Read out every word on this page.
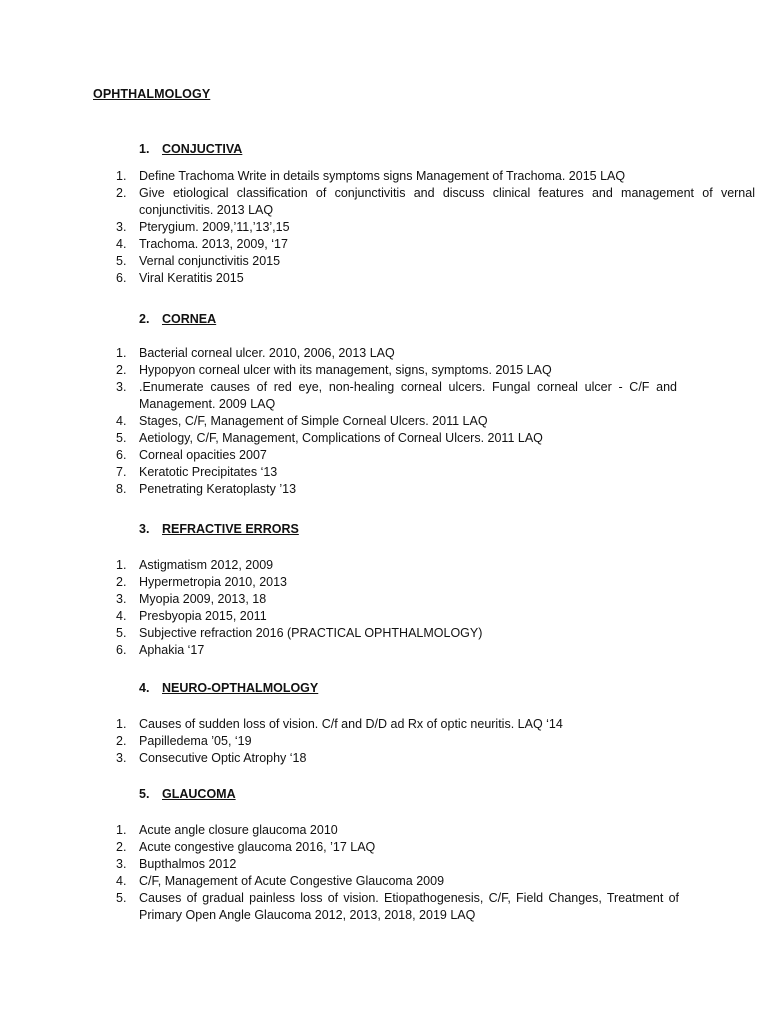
OPHTHALMOLOGY
1. CONJUCTIVA
1. Define Trachoma Write in details symptoms signs Management of Trachoma. 2015 LAQ
2. Give etiological classification of conjunctivitis and discuss clinical features and management of vernal conjunctivitis. 2013 LAQ
3. Pterygium. 2009,’11,’13’,15
4. Trachoma. 2013, 2009, ‘17
5. Vernal conjunctivitis 2015
6. Viral Keratitis 2015
2. CORNEA
1. Bacterial corneal ulcer. 2010, 2006, 2013 LAQ
2. Hypopyon corneal ulcer with its management, signs, symptoms. 2015 LAQ
3. .Enumerate causes of red eye, non-healing corneal ulcers. Fungal corneal ulcer - C/F and Management. 2009 LAQ
4. Stages, C/F, Management of Simple Corneal Ulcers. 2011 LAQ
5. Aetiology, C/F, Management, Complications of Corneal Ulcers. 2011 LAQ
6. Corneal opacities 2007
7. Keratotic Precipitates ‘13
8. Penetrating Keratoplasty ’13
3. REFRACTIVE ERRORS
1. Astigmatism 2012, 2009
2. Hypermetropia 2010, 2013
3. Myopia 2009, 2013, 18
4. Presbyopia 2015, 2011
5. Subjective refraction 2016 (PRACTICAL OPHTHALMOLOGY)
6. Aphakia ‘17
4. NEURO-OPTHALMOLOGY
1. Causes of sudden loss of vision. C/f and D/D ad Rx of optic neuritis. LAQ ‘14
2. Papilledema ’05, ‘19
3. Consecutive Optic Atrophy ‘18
5. GLAUCOMA
1. Acute angle closure glaucoma 2010
2. Acute congestive glaucoma 2016, ’17 LAQ
3. Bupthalmos 2012
4. C/F, Management of Acute Congestive Glaucoma 2009
5. Causes of gradual painless loss of vision. Etiopathogenesis, C/F, Field Changes, Treatment of Primary Open Angle Glaucoma 2012, 2013, 2018, 2019 LAQ
